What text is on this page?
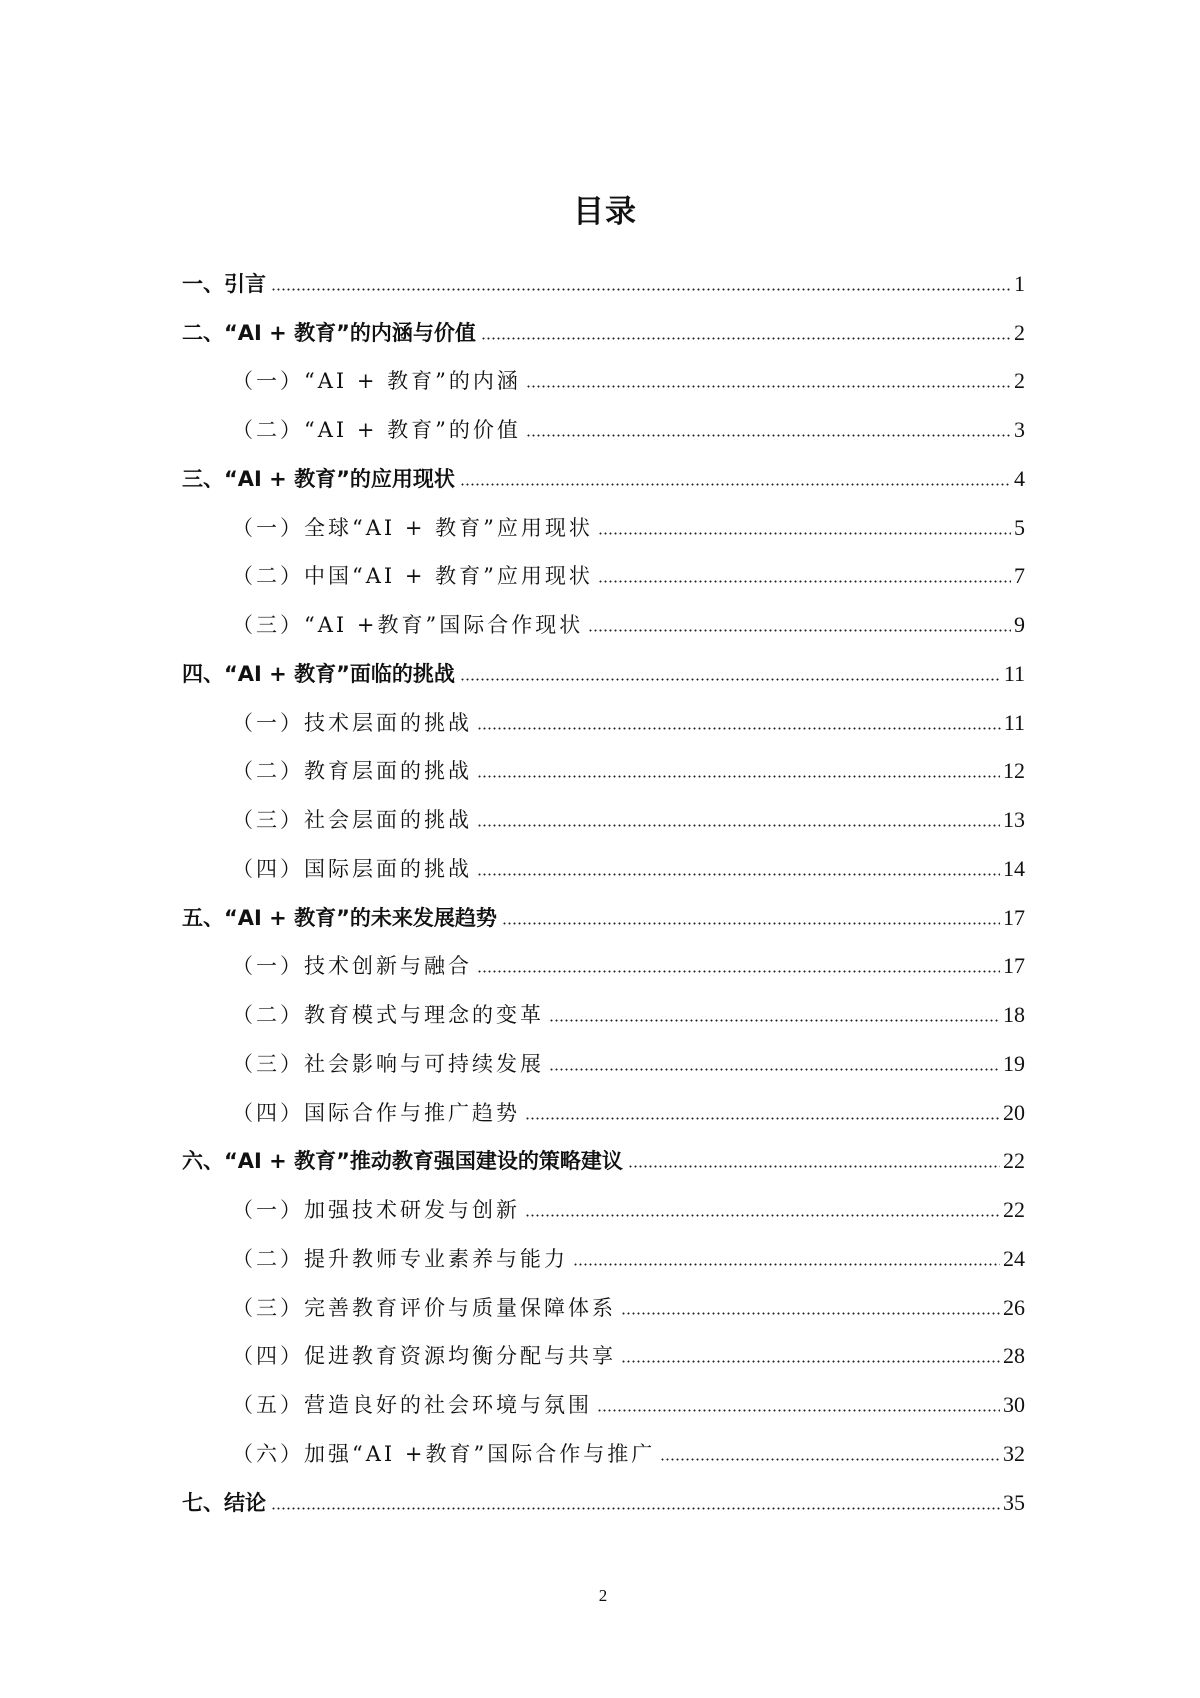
目录
一、引言	1
二、“AI + 教育”的内涵与价值	2
（一）“AI + 教育”的内涵	2
（二）“AI + 教育”的价值	3
三、“AI + 教育”的应用现状	4
（一）全球“AI + 教育”应用现状	5
（二）中国“AI + 教育”应用现状	7
（三）“AI +教育”国际合作现状	9
四、“AI + 教育”面临的挑战	11
（一）技术层面的挑战	11
（二）教育层面的挑战	12
（三）社会层面的挑战	13
（四）国际层面的挑战	14
五、“AI + 教育”的未来发展趋势	17
（一）技术创新与融合	17
（二）教育模式与理念的变革	18
（三）社会影响与可持续发展	19
（四）国际合作与推广趋势	20
六、“AI + 教育”推动教育强国建设的策略建议	22
（一）加强技术研发与创新	22
（二）提升教师专业素养与能力	24
（三）完善教育评价与质量保障体系	26
（四）促进教育资源均衡分配与共享	28
（五）营造良好的社会环境与氛围	30
（六）加强“AI +教育”国际合作与推广	32
七、结论	35
2
